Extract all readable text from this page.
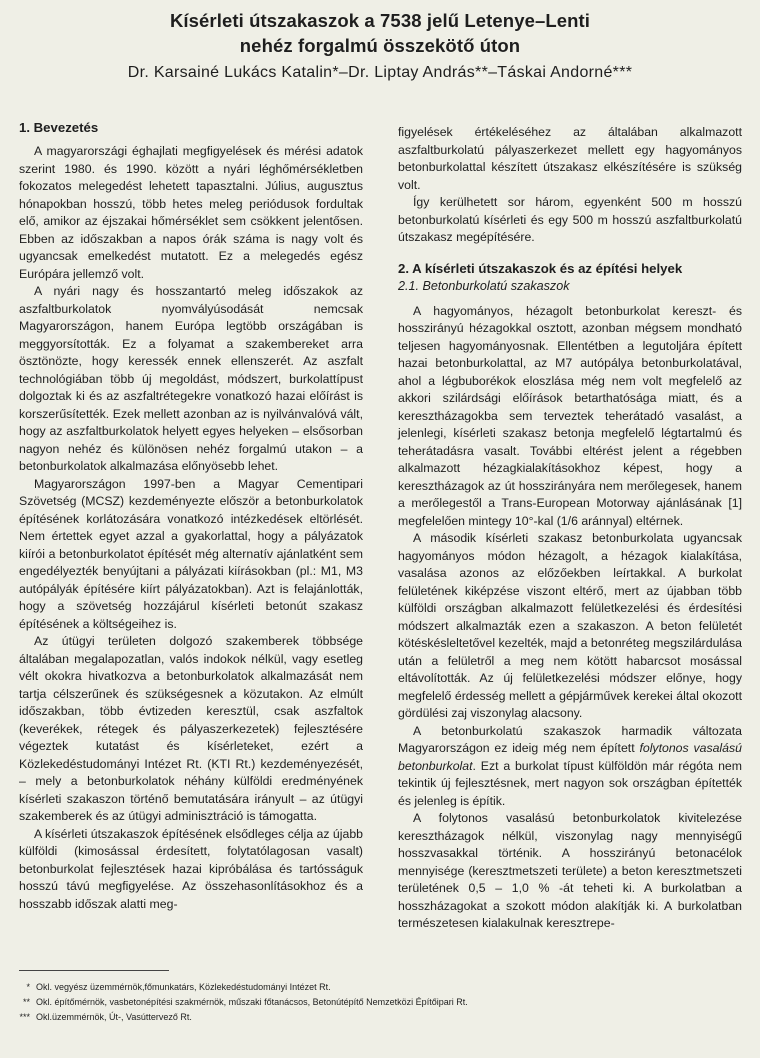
Kísérleti útszakaszok a 7538 jelű Letenye–Lenti
nehéz forgalmú összekötő úton
Dr. Karsainé Lukács Katalin*–Dr. Liptay András**–Táskai Andorné***
1. Bevezetés

A magyarországi éghajlati megfigyelések és mérési adatok szerint 1980. és 1990. között a nyári léghőmérsékletben fokozatos melegedést lehetett tapasztalni. Július, augusztus hónapokban hosszú, több hetes meleg periódusok fordultak elő, amikor az éjszakai hőmérséklet sem csökkent jelentősen. Ebben az időszakban a napos órák száma is nagy volt és ugyancsak emelkedést mutatott. Ez a melegedés egész Európára jellemző volt.

A nyári nagy és hosszantartó meleg időszakok az aszfaltburkolatok nyomvályúsodását nemcsak Magyarországon, hanem Európa legtöbb országában is meggyorsították. Ez a folyamat a szakembereket arra ösztönözte, hogy keressék ennek ellenszerét. Az aszfalt technológiában több új megoldást, módszert, burkolattípust dolgoztak ki és az aszfaltrétegekre vonatkozó hazai előírást is korszerűsítették. Ezek mellett azonban az is nyilvánvalóvá vált, hogy az aszfaltburkolatok helyett egyes helyeken – elsősorban nagyon nehéz és különösen nehéz forgalmú utakon – a betonburkolatok alkalmazása előnyösebb lehet.

Magyarországon 1997-ben a Magyar Cementipari Szövetség (MCSZ) kezdeményezte először a betonburkolatok építésének korlátozására vonatkozó intézkedések eltörlését. Nem értettek egyet azzal a gyakorlattal, hogy a pályázatok kiírói a betonburkolatot építését még alternatív ajánlatként sem engedélyezték benyújtani a pályázati kiírásokban (pl.: M1, M3 autópályák építésére kiírt pályázatokban). Azt is felajánlották, hogy a szövetség hozzájárul kísérleti betonút szakasz építésének a költségeihez is.

Az útügyi területen dolgozó szakemberek többsége általában megalapozatlan, valós indokok nélkül, vagy esetleg vélt okokra hivatkozva a betonburkolatok alkalmazását nem tartja célszerűnek és szükségesnek a közutakon. Az elmúlt időszakban, több évtizeden keresztül, csak aszfaltok (keverékek, rétegek és pályaszerkezetek) fejlesztésére végeztek kutatást és kísérleteket, ezért a Közlekedéstudományi Intézet Rt. (KTI Rt.) kezdeményezését, – mely a betonburkolatok néhány külföldi eredményének kísérleti szakaszon történő bemutatására irányult – az útügyi szakemberek és az útügyi adminisztráció is támogatta.

A kísérleti útszakaszok építésének elsődleges célja az újabb külföldi (kimosással érdesített, folytatólagosan vasalt) betonburkolat fejlesztések hazai kipróbálása és tartósságuk hosszú távú megfigyelése. Az összehasonlításokhoz és a hosszabb időszak alatti meg-

figyelések értékeléséhez az általában alkalmazott aszfaltburkolatú pályaszerkezet mellett egy hagyományos betonburkolattal készített útszakasz elkészítésére is szükség volt.

Így kerülhetett sor három, egyenként 500 m hosszú betonburkolatú kísérleti és egy 500 m hosszú aszfaltburkolatú útszakasz megépítésére.

2. A kísérleti útszakaszok és az építési helyek
2.1. Betonburkolatú szakaszok

A hagyományos, hézagolt betonburkolat kereszt- és hosszirányú hézagokkal osztott, azonban mégsem mondható teljesen hagyományosnak. Ellentétben a legutoljára épített hazai betonburkolattal, az M7 autópálya betonburkolatával, ahol a légbuborékok eloszlása még nem volt megfelelő az akkori szilárdsági előírások betarthatósága miatt, és a keresztházagokba sem terveztek teherátadó vasalást, a jelenlegi, kísérleti szakasz betonja megfelelő légtartalmú és teherátadásra vasalt. További eltérést jelent a régebben alkalmazott hézagkialakításokhoz képest, hogy a keresztházagok az út hosszirányára nem merőlegesek, hanem a merőlegestől a Trans-European Motorway ajánlásának [1] megfelelően mintegy 10°-kal (1/6 aránnyal) eltérnek.

A második kísérleti szakasz betonburkolata ugyancsak hagyományos módon hézagolt, a hézagok kialakítása, vasalása azonos az előzőekben leírtakkal. A burkolat felületének kiképzése viszont eltérő, mert az újabban több külföldi országban alkalmazott felületkezelési és érdesítési módszert alkalmazták ezen a szakaszon. A beton felületét kötéskésleltetővel kezelték, majd a betonréteg megszilárdulása után a felületről a meg nem kötött habarcsot mosással eltávolították. Az új felületkezelési módszer előnye, hogy megfelelő érdesség mellett a gépjárművek kerekei által okozott gördülési zaj viszonylag alacsony.

A betonburkolatú szakaszok harmadik változata Magyarországon ez ideig még nem épített folytonos vasalású betonburkolat. Ezt a burkolat típust külföldön már régóta nem tekintik új fejlesztésnek, mert nagyon sok országban építették és jelenleg is építik.

A folytonos vasalású betonburkolatok kivitelezése keresztházagok nélkül, viszonylag nagy mennyiségű hosszvasakkal történik. A hosszirányú betonacélok mennyisége (keresztmetszeti területe) a beton keresztmetszeti területének 0,5 – 1,0 % -át teheti ki. A burkolatban a hosszházagokat a szokott módon alakítják ki. A burkolatban természetesen kialakulnak keresztrepe-

* Okl. vegyész üzemmérnök,főmunkatárs, Közlekedéstudományi Intézet Rt.
** Okl. építőmérnök, vasbetonépítési szakmérnök, műszaki főtanácsos, Betonútépítő Nemzetközi Építőipari Rt.
*** Okl.üzemmérnök, Út-, Vasúttervező Rt.
